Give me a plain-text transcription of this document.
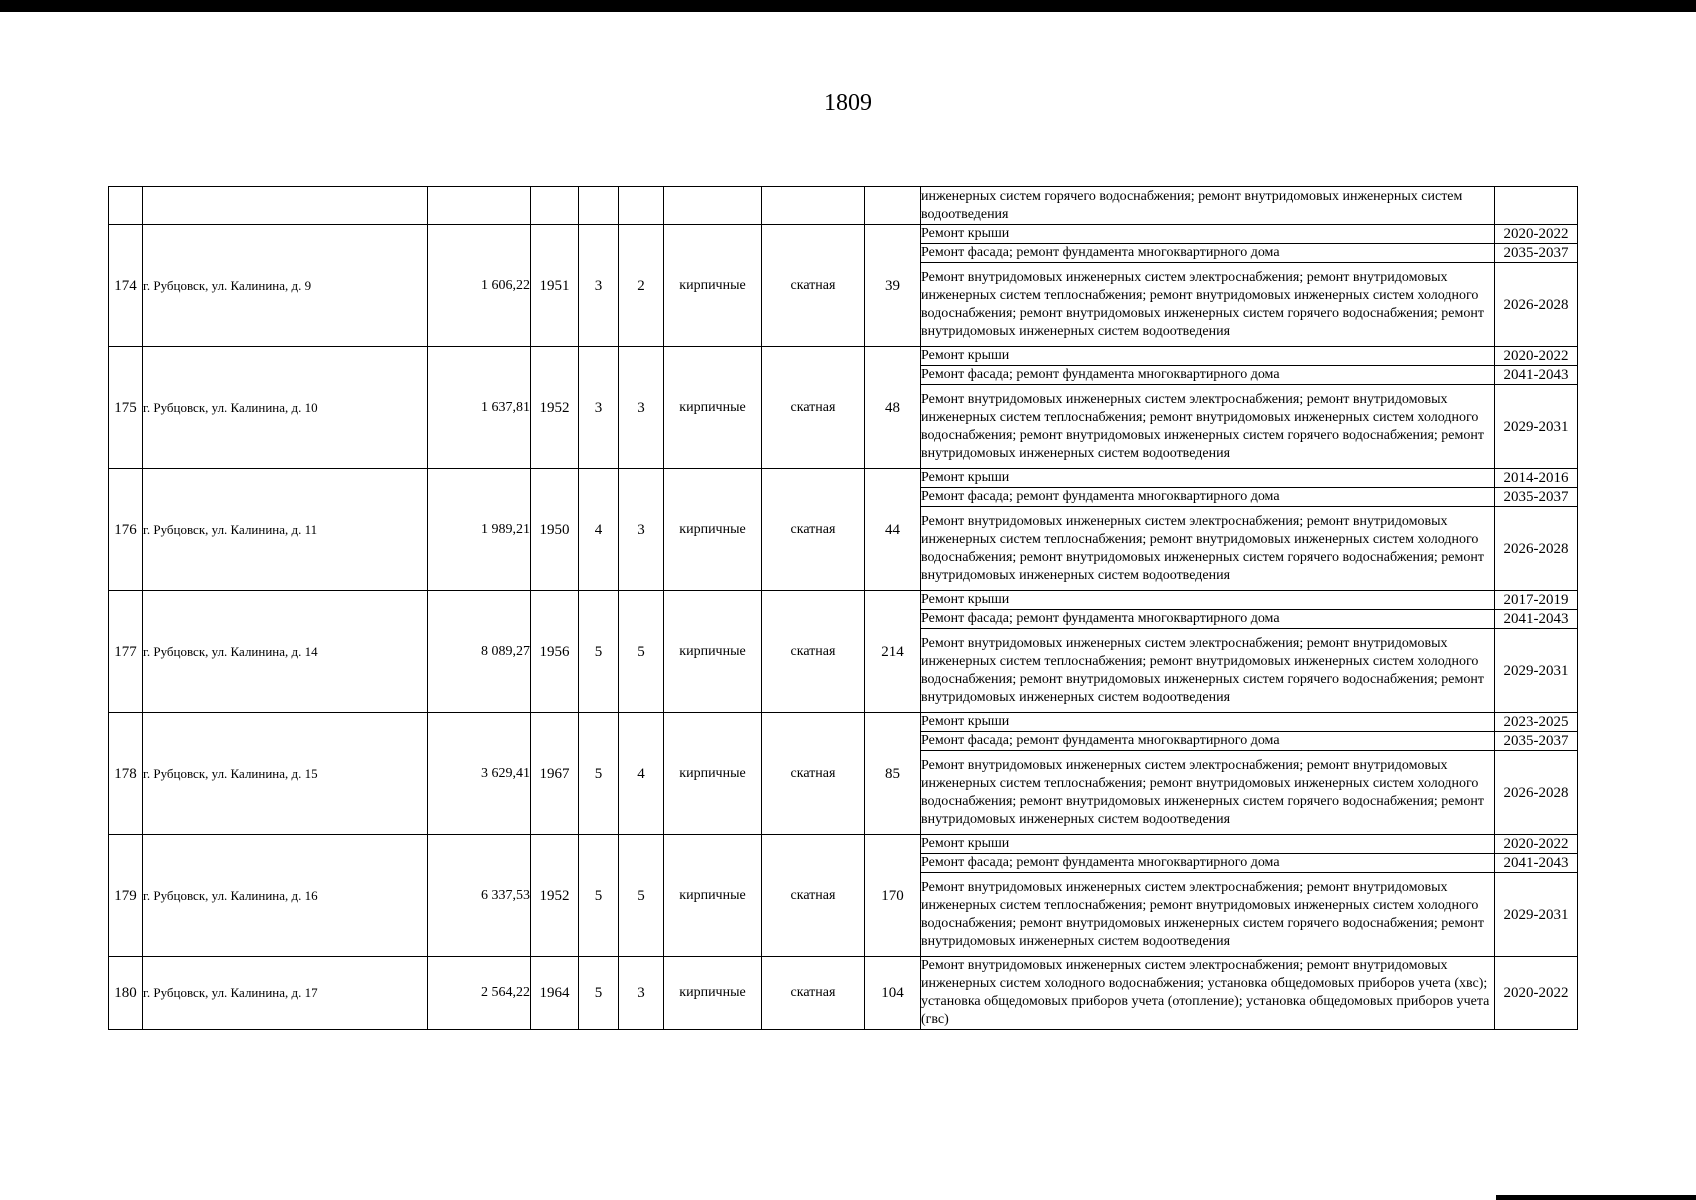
1809

									инженерных систем горячего водоснабжения; ремонт внутридомовых инженерных систем водоотведения	

174	г. Рубцовск, ул. Калинина, д. 9	1 606,22	1951	3	2	кирпичные	скатная	39	Ремонт крыши	2020-2022

									Ремонт фасада; ремонт фундамента многоквартирного дома	2035-2037

									Ремонт внутридомовых инженерных систем электроснабжения; ремонт внутридомовых инженерных систем теплоснабжения; ремонт внутридомовых инженерных систем холодного водоснабжения; ремонт внутридомовых инженерных систем горячего водоснабжения; ремонт внутридомовых инженерных систем водоотведения	2026-2028
175	г. Рубцовск, ул. Калинина, д. 10	1 637,81	1952	3	3	кирпичные	скатная	48	Ремонт крыши	2020-2022

									Ремонт фасада; ремонт фундамента многоквартирного дома	2041-2043

									Ремонт внутридомовых инженерных систем электроснабжения; ремонт внутридомовых инженерных систем теплоснабжения; ремонт внутридомовых инженерных систем холодного водоснабжения; ремонт внутридомовых инженерных систем горячего водоснабжения; ремонт внутридомовых инженерных систем водоотведения	2029-2031
176	г. Рубцовск, ул. Калинина, д. 11	1 989,21	1950	4	3	кирпичные	скатная	44	Ремонт крыши	2014-2016

									Ремонт фасада; ремонт фундамента многоквартирного дома	2035-2037

									Ремонт внутридомовых инженерных систем электроснабжения; ремонт внутридомовых инженерных систем теплоснабжения; ремонт внутридомовых инженерных систем холодного водоснабжения; ремонт внутридомовых инженерных систем горячего водоснабжения; ремонт внутридомовых инженерных систем водоотведения	2026-2028
177	г. Рубцовск, ул. Калинина, д. 14	8 089,27	1956	5	5	кирпичные	скатная	214	Ремонт крыши	2017-2019

									Ремонт фасада; ремонт фундамента многоквартирного дома	2041-2043

									Ремонт внутридомовых инженерных систем электроснабжения; ремонт внутридомовых инженерных систем теплоснабжения; ремонт внутридомовых инженерных систем холодного водоснабжения; ремонт внутридомовых инженерных систем горячего водоснабжения; ремонт внутридомовых инженерных систем водоотведения	2029-2031
178	г. Рубцовск, ул. Калинина, д. 15	3 629,41	1967	5	4	кирпичные	скатная	85	Ремонт крыши	2023-2025

									Ремонт фасада; ремонт фундамента многоквартирного дома	2035-2037

									Ремонт внутридомовых инженерных систем электроснабжения; ремонт внутридомовых инженерных систем теплоснабжения; ремонт внутридомовых инженерных систем холодного водоснабжения; ремонт внутридомовых инженерных систем горячего водоснабжения; ремонт внутридомовых инженерных систем водоотведения	2026-2028
179	г. Рубцовск, ул. Калинина, д. 16	6 337,53	1952	5	5	кирпичные	скатная	170	Ремонт крыши	2020-2022

									Ремонт фасада; ремонт фундамента многоквартирного дома	2041-2043

									Ремонт внутридомовых инженерных систем электроснабжения; ремонт внутридомовых инженерных систем теплоснабжения; ремонт внутридомовых инженерных систем холодного водоснабжения; ремонт внутридомовых инженерных систем горячего водоснабжения; ремонт внутридомовых инженерных систем водоотведения	2029-2031
180	г. Рубцовск, ул. Калинина, д. 17	2 564,22	1964	5	3	кирпичные	скатная	104	Ремонт внутридомовых инженерных систем электроснабжения; ремонт внутридомовых инженерных систем холодного водоснабжения; установка общедомовых приборов учета (хвс); установка общедомовых приборов учета (отопление); установка общедомовых приборов учета (гвс)	2020-2022
